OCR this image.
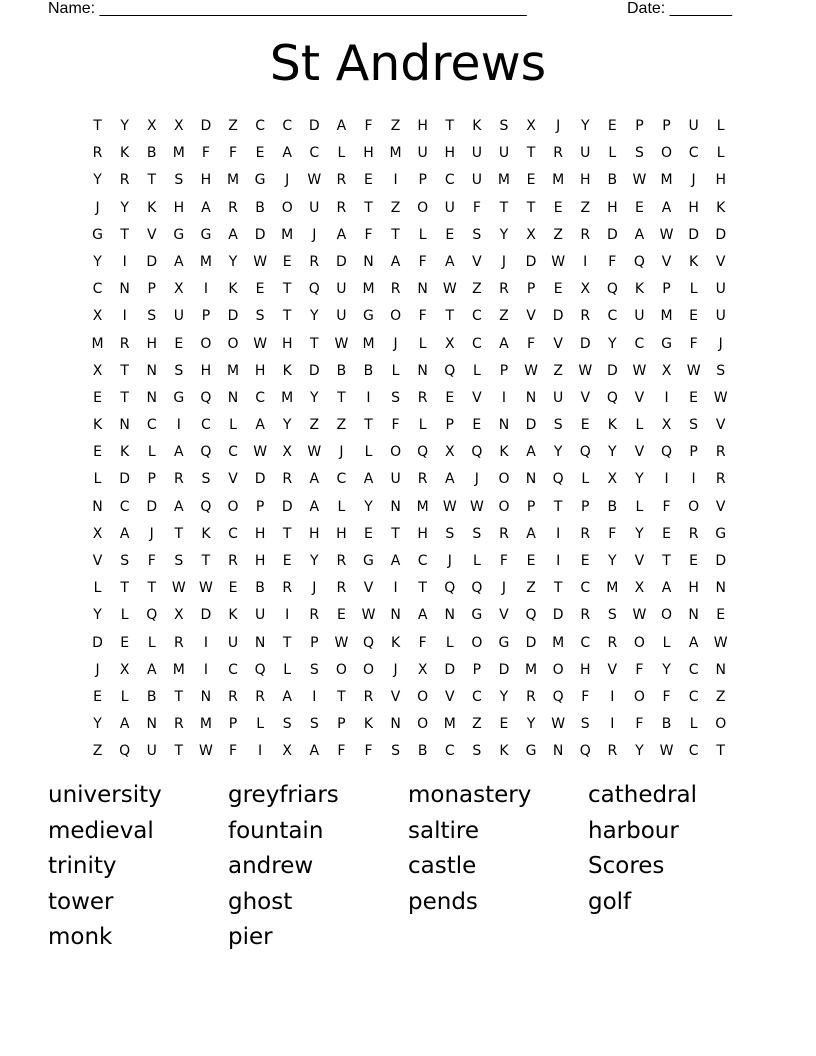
Name: ________________________________________________	Date: _______
St Andrews
T	Y	X	X	D	Z	C	C	D	A	F	Z	H	T	K	S	X	J	Y	E	P	P	U	L
R	K	B	M	F	F	E	A	C	L	H	M	U	H	U	U	T	R	U	L	S	O	C	L
Y	R	T	S	H	M	G	J	W	R	E	I	P	C	U	M	E	M	H	B	W	M	J	H
J	Y	K	H	A	R	B	O	U	R	T	Z	O	U	F	T	T	E	Z	H	E	A	H	K
G	T	V	G	G	A	D	M	J	A	F	T	L	E	S	Y	X	Z	R	D	A	W	D	D
Y	I	D	A	M	Y	W	E	R	D	N	A	F	A	V	J	D	W	I	F	Q	V	K	V
C	N	P	X	I	K	E	T	Q	U	M	R	N	W	Z	R	P	E	X	Q	K	P	L	U
X	I	S	U	P	D	S	T	Y	U	G	O	F	T	C	Z	V	D	R	C	U	M	E	U
M	R	H	E	O	O	W	H	T	W	M	J	L	X	C	A	F	V	D	Y	C	G	F	J
X	T	N	S	H	M	H	K	D	B	B	L	N	Q	L	P	W	Z	W	D	W	X	W	S
E	T	N	G	Q	N	C	M	Y	T	I	S	R	E	V	I	N	U	V	Q	V	I	E	W
K	N	C	I	C	L	A	Y	Z	Z	T	F	L	P	E	N	D	S	E	K	L	X	S	V
E	K	L	A	Q	C	W	X	W	J	L	O	Q	X	Q	K	A	Y	Q	Y	V	Q	P	R
L	D	P	R	S	V	D	R	A	C	A	U	R	A	J	O	N	Q	L	X	Y	I	I	R
N	C	D	A	Q	O	P	D	A	L	Y	N	M	W W	O	P	T	P	B	L	F	O	V
X	A	J	T	K	C	H	T	H	H	E	T	H	S	S	R	A	I	R	F	Y	E	R	G
V	S	F	S	T	R	H	E	Y	R	G	A	C	J	L	F	E	I	E	Y	V	T	E	D
L	T	T	W W	E	B	R	J	R	V	I	T	Q	Q	J	Z	T	C	M	X	A	H	N
Y	L	Q	X	D	K	U	I	R	E	W	N	A	N	G	V	Q	D	R	S	W	O	N	E
D	E	L	R	I	U	N	T	P	W	Q	K	F	L	O	G	D	M	C	R	O	L	A	W
J	X	A	M	I	C	Q	L	S	O	O	J	X	D	P	D	M	O	H	V	F	Y	C	N
E	L	B	T	N	R	R	A	I	T	R	V	O	V	C	Y	R	Q	F	I	O	F	C	Z
Y	A	N	R	M	P	L	S	S	P	K	N	O	M	Z	E	Y	W	S	I	F	B	L	O
Z	Q	U	T	W	F	I	X	A	F	F	S	B	C	S	K	G	N	Q	R	Y	W	C	T
university	greyfriars	monastery cathedral
medieval	fountain	saltire	harbour
trinity	andrew	castle	Scores
tower	ghost	pends	golf
monk	pier
